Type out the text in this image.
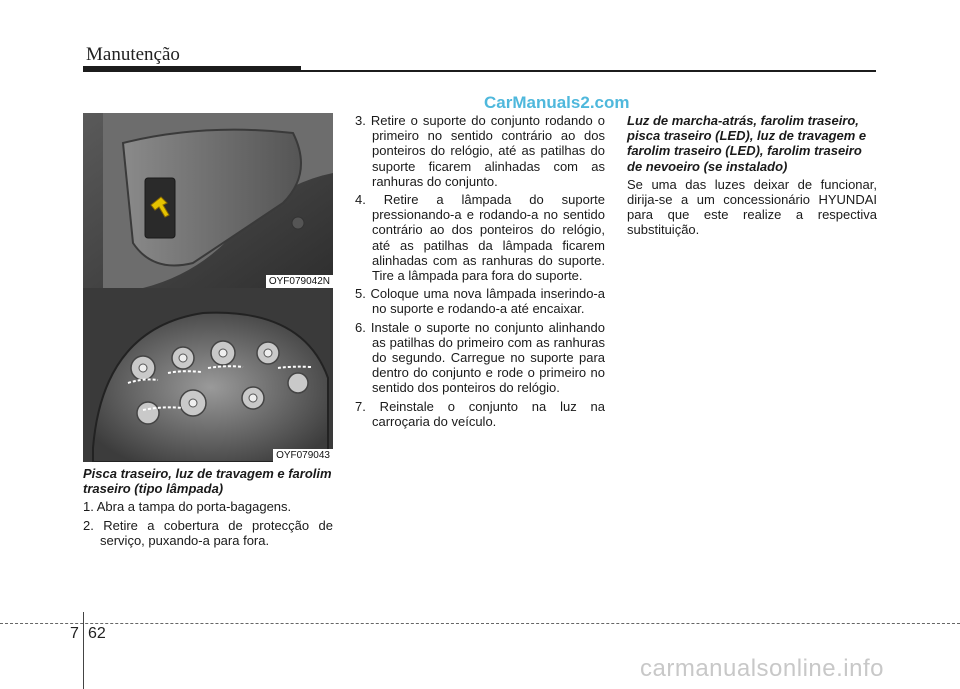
Manutenção
CarManuals2.com
OYF079042N
OYF079043

Pisca traseiro, luz de travagem e farolim traseiro (tipo lâmpada)

1. Abra a tampa do porta-bagagens.

2. Retire a cobertura de protecção de serviço, puxando-a para fora.

3. Retire o suporte do conjunto rodando o primeiro no sentido contrário ao dos ponteiros do relógio, até as patilhas do suporte ficarem alinhadas com as ranhuras do conjunto.

4. Retire a lâmpada do suporte pressionando-a e rodando-a no sentido contrário ao dos ponteiros do relógio, até as patilhas da lâmpada ficarem alinhadas com as ranhuras do suporte. Tire a lâmpada para fora do suporte.

5. Coloque uma nova lâmpada inserindo-a no suporte e rodando-a até encaixar.

6. Instale o suporte no conjunto alinhando as patilhas do primeiro com as ranhuras do segundo. Carregue no suporte para dentro do conjunto e rode o primeiro no sentido dos ponteiros do relógio.

7. Reinstale o conjunto na luz na carroçaria do veículo.

Luz de marcha-atrás, farolim traseiro, pisca traseiro (LED), luz de travagem e farolim traseiro (LED), farolim traseiro de nevoeiro (se instalado)

Se uma das luzes deixar de funcionar, dirija-se a um concessionário HYUNDAI para que este realize a respectiva substituição.

7 62
carmanualsonline.info
